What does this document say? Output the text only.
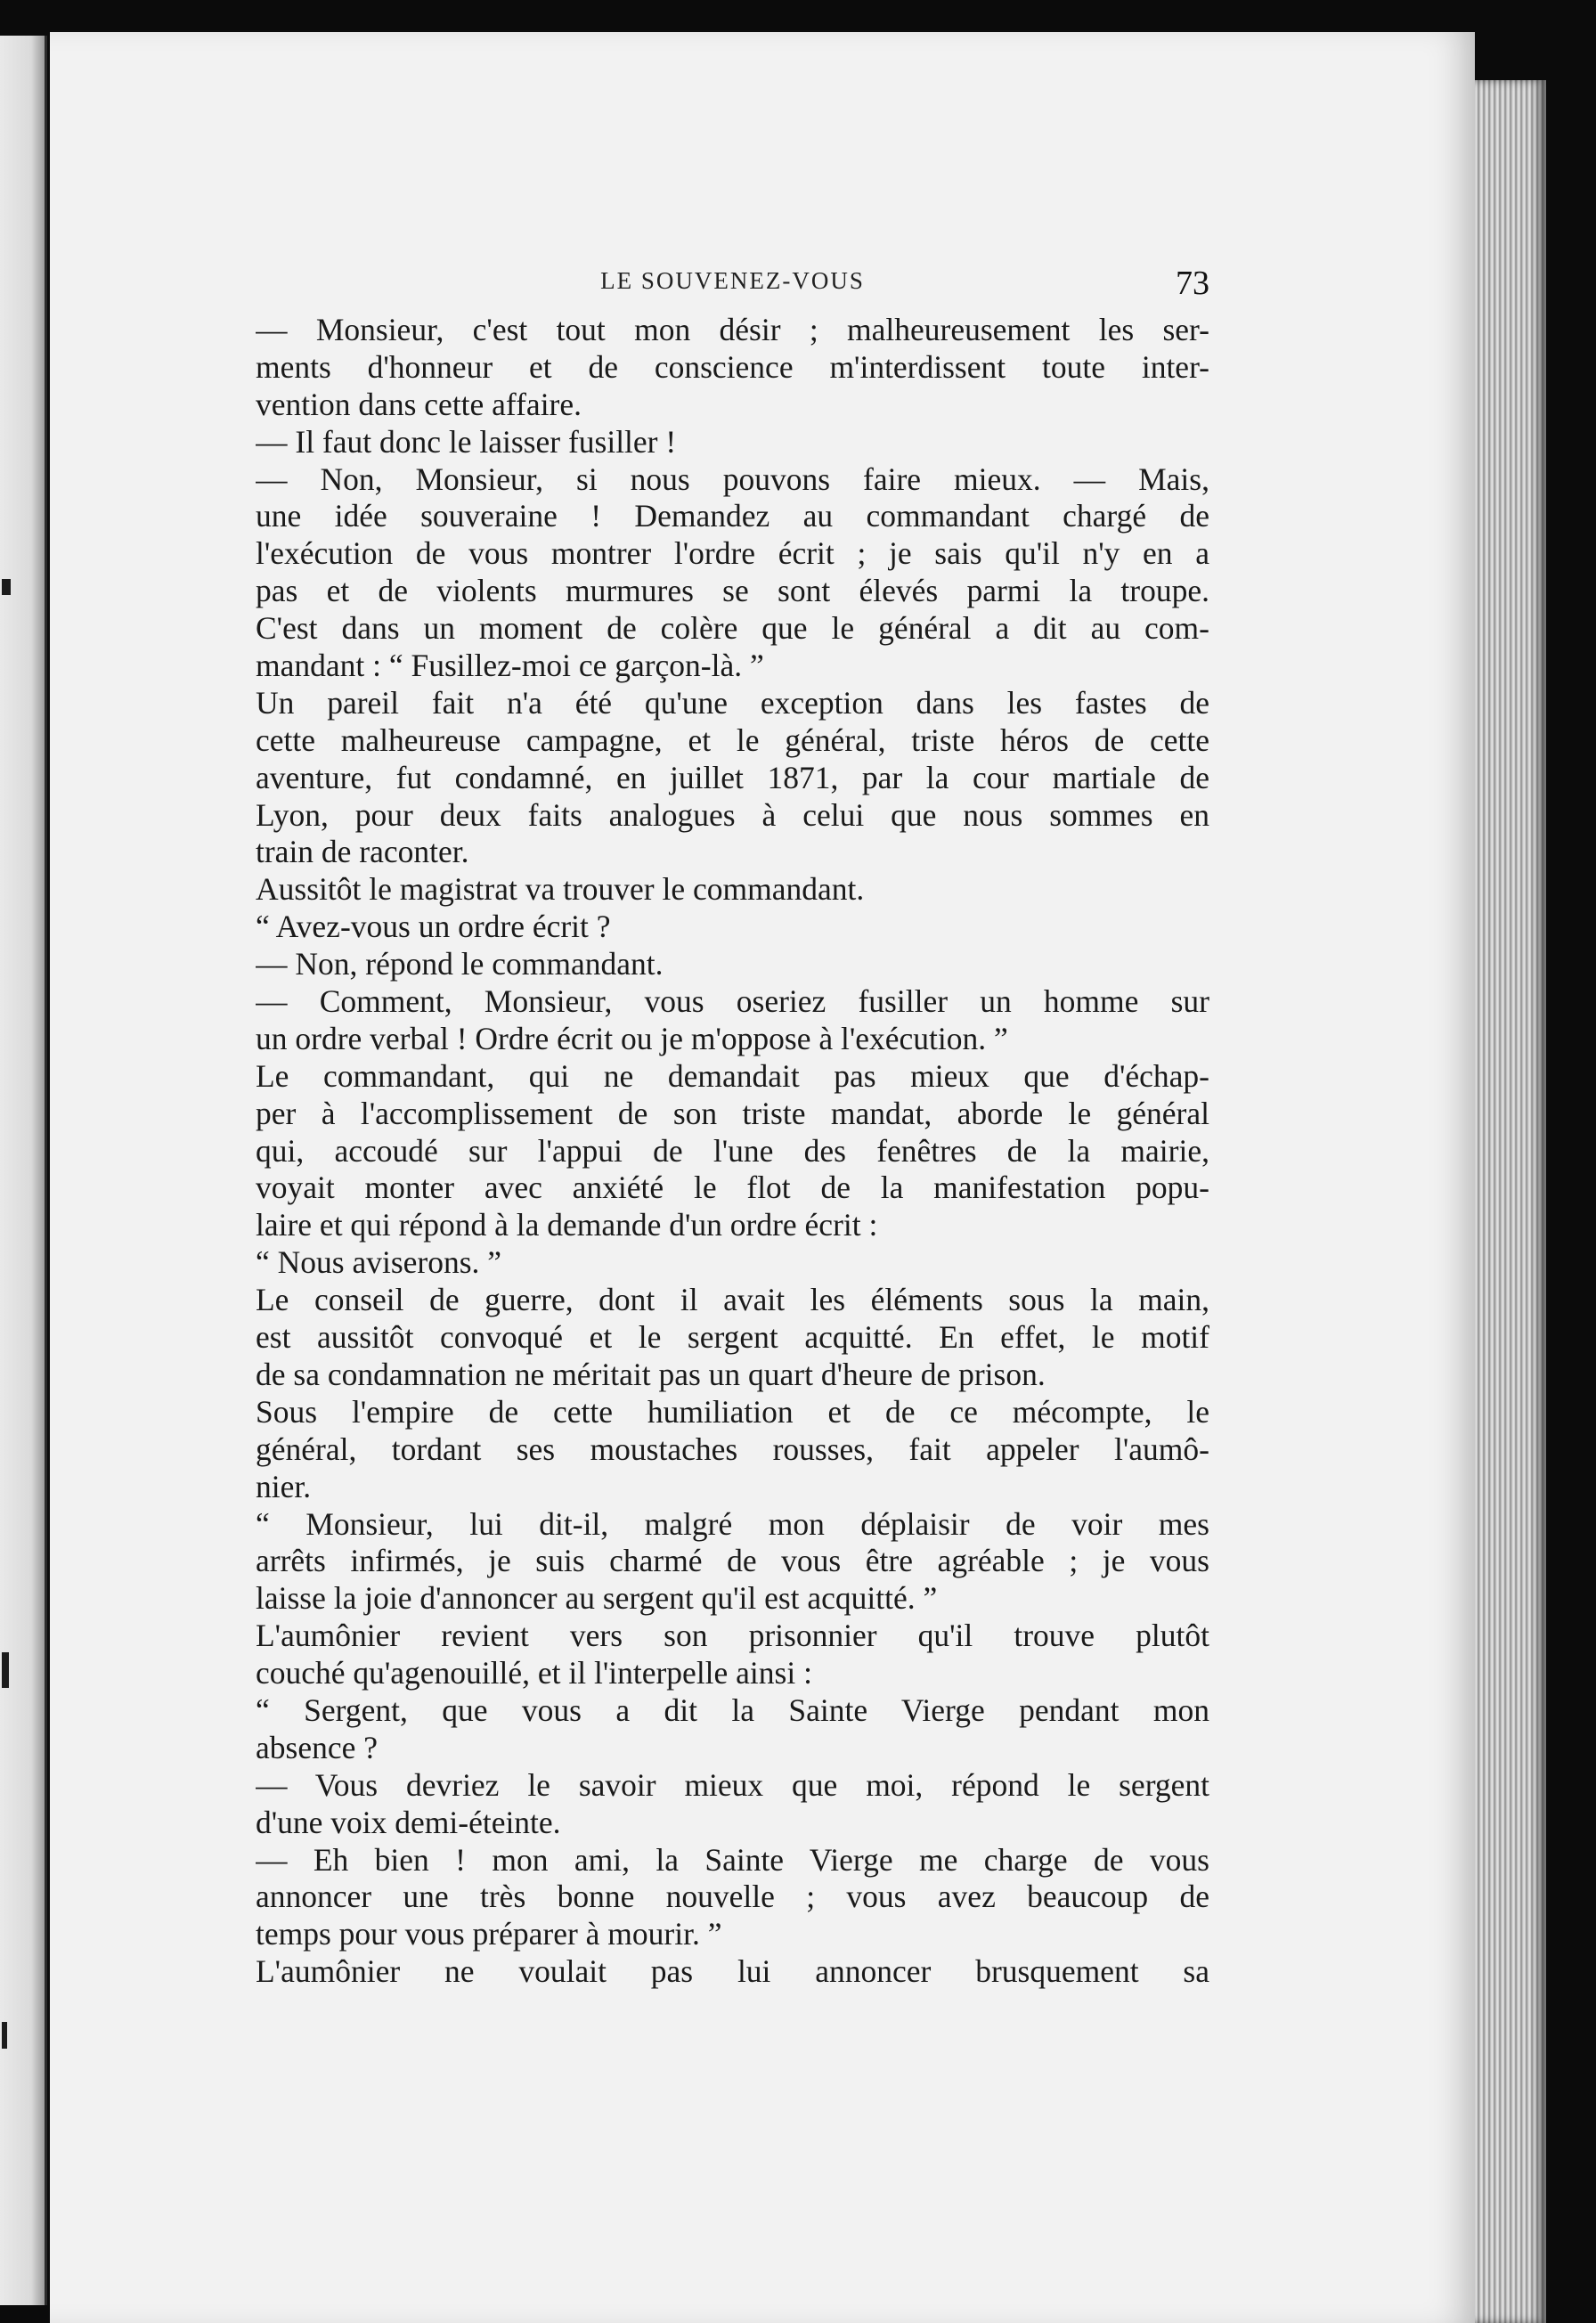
LE SOUVENEZ-VOUS	73
— Monsieur, c'est tout mon désir ; malheureusement les ser-
ments d'honneur et de conscience m'interdissent toute inter-
vention dans cette affaire.
— Il faut donc le laisser fusiller !
— Non, Monsieur, si nous pouvons faire mieux. — Mais,
une idée souveraine ! Demandez au commandant chargé de
l'exécution de vous montrer l'ordre écrit ; je sais qu'il n'y en a
pas et de violents murmures se sont élevés parmi la troupe.
C'est dans un moment de colère que le général a dit au com-
mandant : “ Fusillez-moi ce garçon-là. ”
Un pareil fait n'a été qu'une exception dans les fastes de
cette malheureuse campagne, et le général, triste héros de cette
aventure, fut condamné, en juillet 1871, par la cour martiale de
Lyon, pour deux faits analogues à celui que nous sommes en
train de raconter.
Aussitôt le magistrat va trouver le commandant.
“ Avez-vous un ordre écrit ?
— Non, répond le commandant.
— Comment, Monsieur, vous oseriez fusiller un homme sur
un ordre verbal ! Ordre écrit ou je m'oppose à l'exécution. ”
Le commandant, qui ne demandait pas mieux que d'échap-
per à l'accomplissement de son triste mandat, aborde le général
qui, accoudé sur l'appui de l'une des fenêtres de la mairie,
voyait monter avec anxiété le flot de la manifestation popu-
laire et qui répond à la demande d'un ordre écrit :
“ Nous aviserons. ”
Le conseil de guerre, dont il avait les éléments sous la main,
est aussitôt convoqué et le sergent acquitté. En effet, le motif
de sa condamnation ne méritait pas un quart d'heure de prison.
Sous l'empire de cette humiliation et de ce mécompte, le
général, tordant ses moustaches rousses, fait appeler l'aumô-
nier.
“ Monsieur, lui dit-il, malgré mon déplaisir de voir mes
arrêts infirmés, je suis charmé de vous être agréable ; je vous
laisse la joie d'annoncer au sergent qu'il est acquitté. ”
L'aumônier revient vers son prisonnier qu'il trouve plutôt
couché qu'agenouillé, et il l'interpelle ainsi :
“ Sergent, que vous a dit la Sainte Vierge pendant mon
absence ?
— Vous devriez le savoir mieux que moi, répond le sergent
d'une voix demi-éteinte.
— Eh bien ! mon ami, la Sainte Vierge me charge de vous
annoncer une très bonne nouvelle ; vous avez beaucoup de
temps pour vous préparer à mourir. ”
L'aumônier ne voulait pas lui annoncer brusquement sa
